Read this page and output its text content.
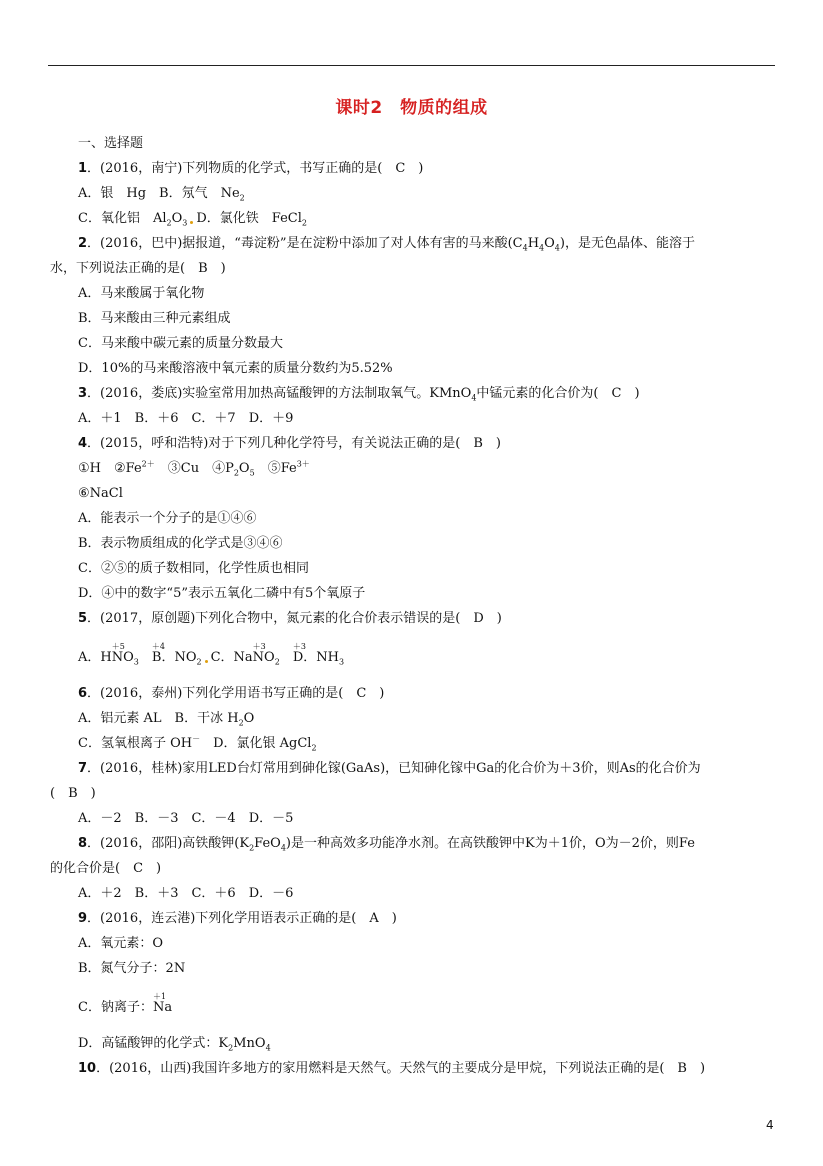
课时2　物质的组成
一、选择题
1．(2016，南宁)下列物质的化学式，书写正确的是(　C　)
A．银　Hg　B．氖气　$Ne_2$
C．氧化铝　$Al_2O_3$ D．氯化铁　FeCl$_2$
2．(2016，巴中)据报道，“毒淀粉”是在淀粉中添加了对人体有害的马来酸$(C_4H_4O_4)$，是无色晶体、能溶于
水，下列说法正确的是(　B　)
A．马来酸属于氧化物
B．马来酸由三种元素组成
C．马来酸中碳元素的质量分数最大
D．10%的马来酸溶液中氧元素的质量分数约为5.52%
3．(2016，娄底)实验室常用加热高锰酸钾的方法制取氧气。KMnO$_4$中锰元素的化合价为(　C　)
A．＋1　B．＋6　C．＋7　D．＋9
4．(2015，呼和浩特)对于下列几种化学符号，有关说法正确的是(　B　)
①H　$②Fe^{2+}$　③Cu　$④P_2O_5$　$⑤Fe^{3+}$
⑥NaCl
A．能表示一个分子的是①④⑥
B．表示物质组成的化学式是③④⑥
C．②⑤的质子数相同，化学性质也相同
D．④中的数字“5”表示五氧化二磷中有5个氧原子
5．(2017，原创题)下列化合物中，氮元素的化合价表示错误的是(　D　)
A．H
＋5
$NO_3$　
＋4
B．$NO_2$ C．Na
＋3
$NO_2$　
＋3
D．$NH_3$
6．(2016，泰州)下列化学用语书写正确的是(　C　)
A．铝元素 AL　B．干冰 $H_2O$
C．氢氧根离子 OH－　D．氯化银 AgCl$_2$
7．(2016，桂林)家用LED台灯常用到砷化镓(GaAs)，已知砷化镓中Ga的化合价为＋3价，则As的化合价为
(　B　)
A．－2　B．－3　C．－4　D．－5
8．(2016，邵阳)高铁酸钾$(K_2FeO_4)$是一种高效多功能净水剂。在高铁酸钾中K为＋1价，O为－2价，则Fe
的化合价是(　C　)
A．＋2　B．＋3　C．＋6　D．－6
9．(2016，连云港)下列化学用语表示正确的是(　A　)
A．氧元素：O
B．氮气分子：2N
C．钠离子：
＋1
Na
D．高锰酸钾的化学式：$K_2MnO_4$
10．(2016，山西)我国许多地方的家用燃料是天然气。天然气的主要成分是甲烷，下列说法正确的是(　B　)
4
